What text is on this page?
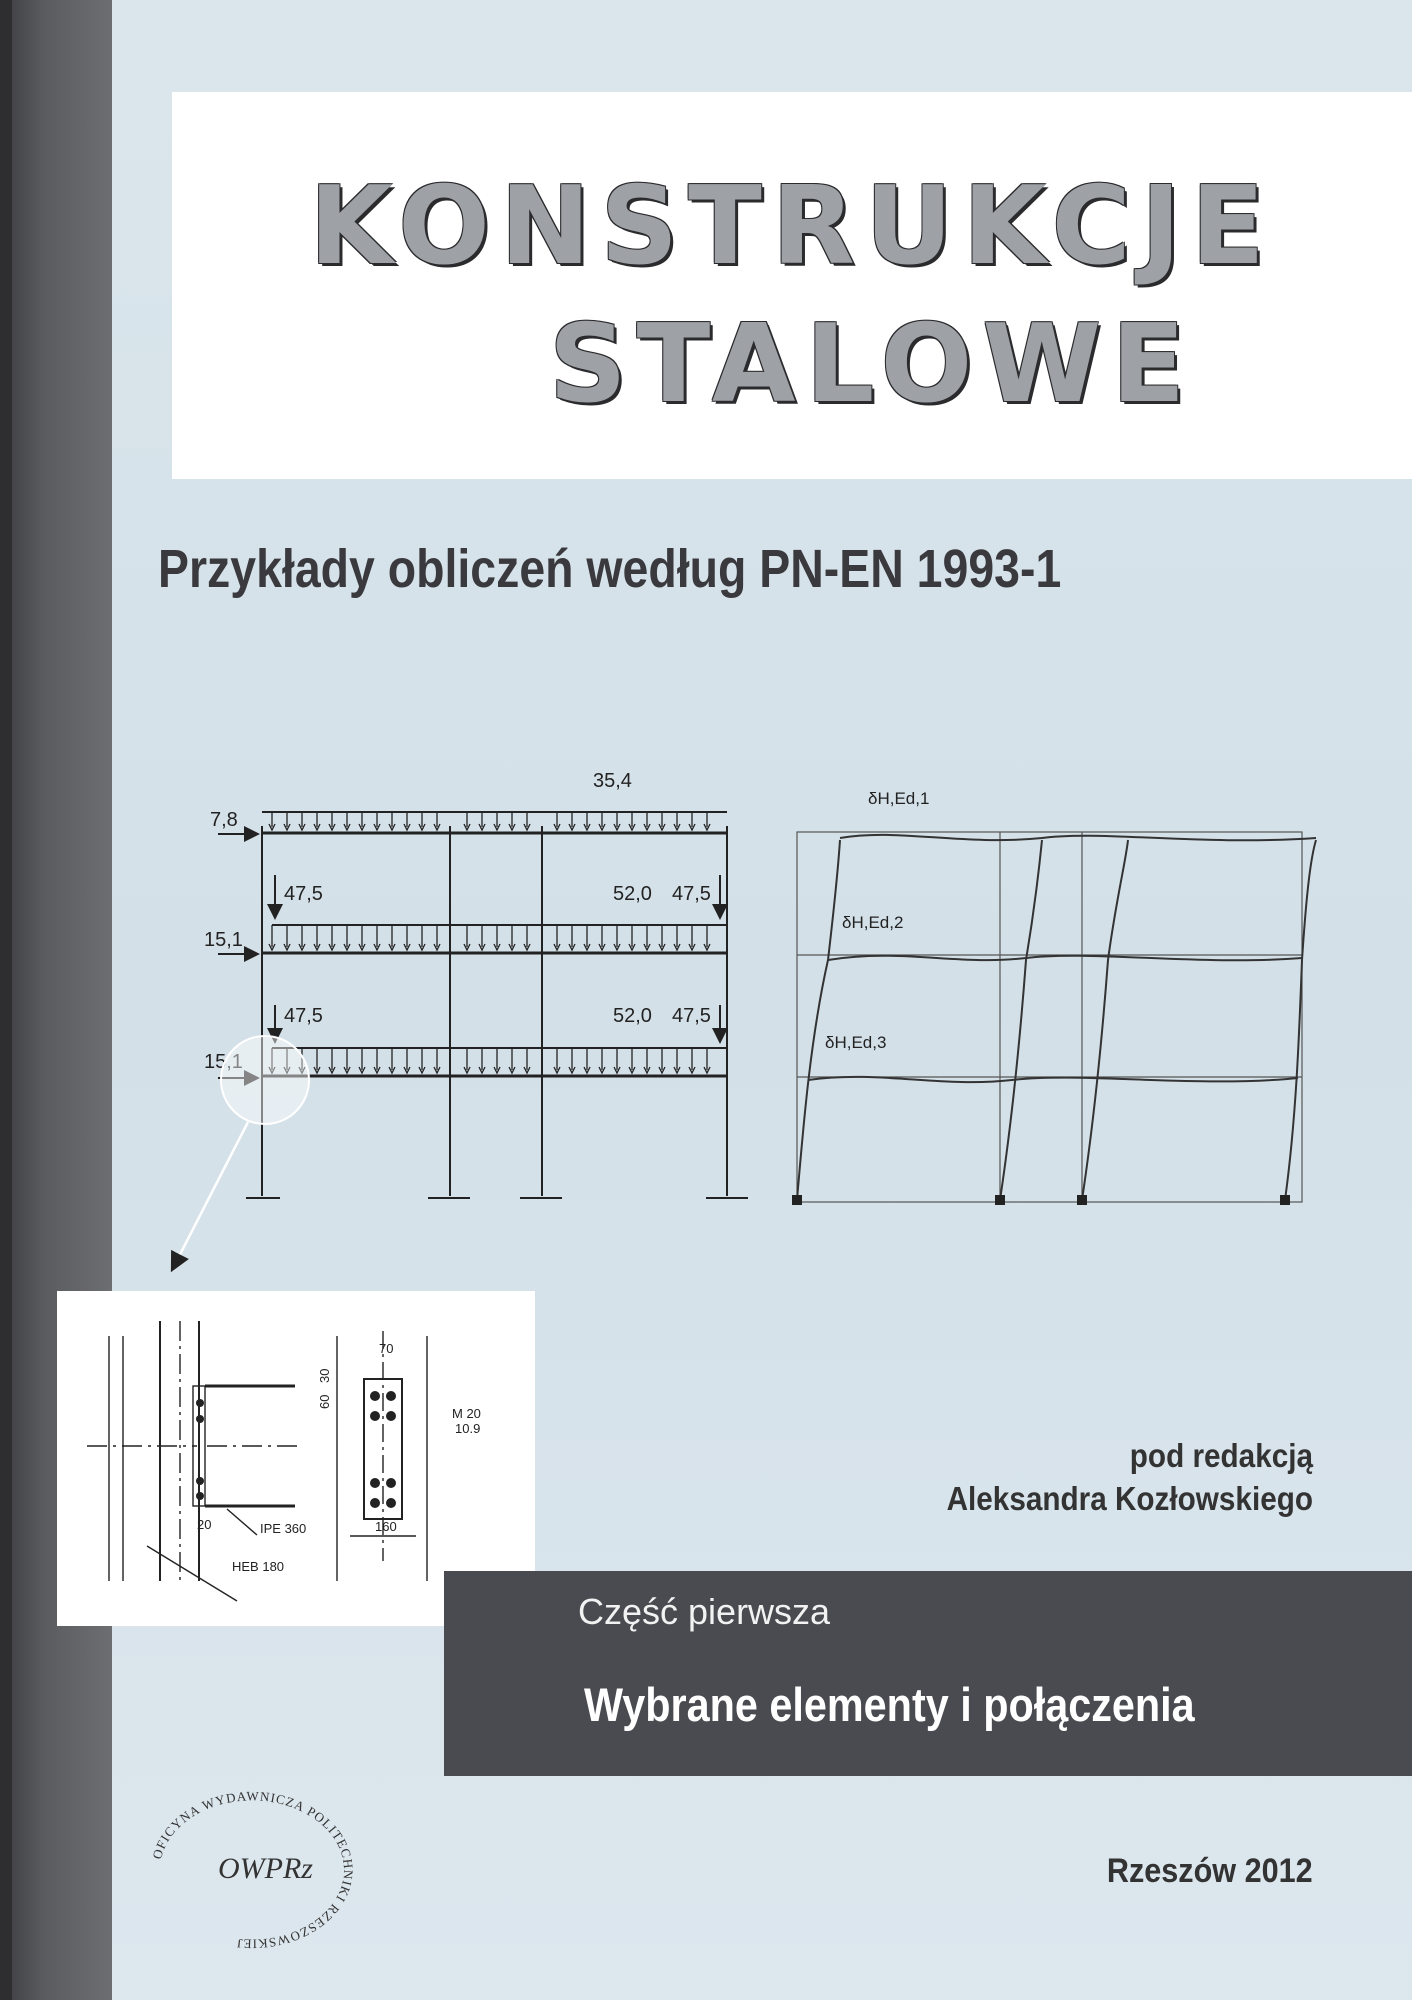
KONSTRUKCJE
STALOWE
Przykłady obliczeń według PN-EN 1993-1
7,8
15,1
15,1
35,4
47,5
47,5
52,0
52,0
47,5
47,5
δH,Ed,1
δH,Ed,2
δH,Ed,3
70
60
30
M 20
10.9
20	IPE 360	160
HEB 180
pod redakcją
Aleksandra Kozłowskiego
Część pierwsza
Wybrane elementy i połączenia
OFICYNA WYDAWNICZA POLITECHNIKI RZESZOWSKIEJ
OWPRz	Rzeszów 2012
